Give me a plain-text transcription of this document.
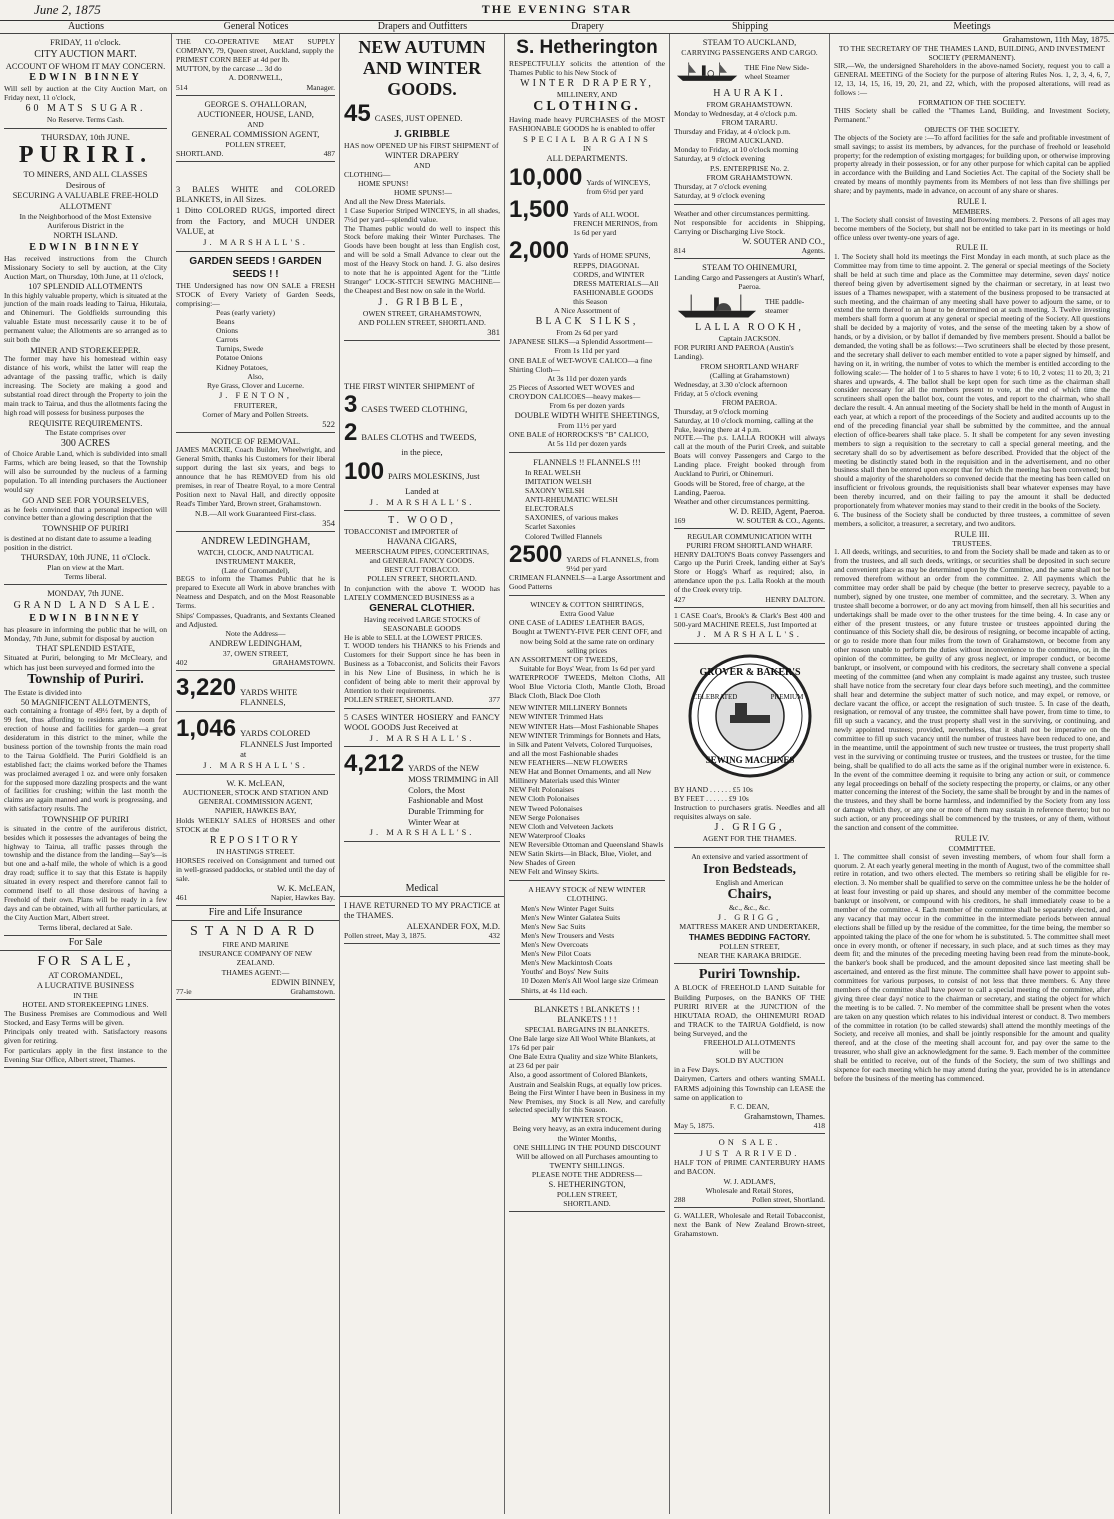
June 2, 1875	THE EVENING STAR
Auctions	General Notices	Drapers and Outfitters	Drapery	Shipping	Meetings

FRIDAY, 11 o'clock.

CITY AUCTION MART.

ACCOUNT OF WHOM IT MAY CONCERN.

EDWIN BINNEY

Will sell by auction at the City Auction Mart, on Friday next, 11 o'clock,

60 MATS SUGAR.

No Reserve. Terms Cash.

THURSDAY, 10th JUNE.

PURIRI.

TO MINERS, AND ALL CLASSES

Desirous of

SECURING A VALUABLE FREE-HOLD ALLOTMENT

In the Neighborhood of the Most Extensive Auriferous District in the

NORTH ISLAND.

EDWIN BINNEY

Has received instructions from the Church Missionary Society to sell by auction, at the City Auction Mart, on Thursday, 10th June, at 11 o'clock,

107 SPLENDID ALLOTMENTS

In this highly valuable property, which is situated at the junction of the main roads leading to Tairua, Hikutaia, and Ohinemuri. The Goldfields surrounding this valuable Estate must necessarily cause it to be of permanent value; the Allotments are so arranged as to suit both the

MINER AND STOREKEEPER.

The former may have his homestead within easy distance of his work, whilst the latter will reap the advantage of the passing traffic, which is daily increasing. The Society are making a good and substantial road direct through the Property to join the main track to Tairua, and thus the allotments facing the high road will possess for business purposes the

REQUISITE REQUIREMENTS.

The Estate comprises over

300 ACRES

of Choice Arable Land, which is subdivided into small Farms, which are being leased, so that the Township will also be surrounded by the nucleus of a farming population. To all intending purchasers the Auctioneer would say

GO AND SEE FOR YOURSELVES,

as he feels convinced that a personal inspection will convince better than a glowing description that the

TOWNSHIP OF PURIRI

is destined at no distant date to assume a leading position in the district.

THURSDAY, 10th JUNE, 11 o'Clock.

Plan on view at the Mart.

Terms liberal.

MONDAY, 7th JUNE.

GRAND LAND SALE.

EDWIN BINNEY

has pleasure in informing the public that he will, on Monday, 7th June, submit for disposal by auction

THAT SPLENDID ESTATE,

Situated at Puriri, belonging to Mr McCleary, and which has just been surveyed and formed into the

Township of Puriri.

The Estate is divided into

50 MAGNIFICENT ALLOTMENTS,

each containing a frontage of 49½ feet, by a depth of 99 feet, thus affording to residents ample room for erection of house and facilities for garden—a great desideratum in this district to the miner, while the business portion of the township fronts the main road to the Tairua Goldfield. The Puriri Goldfield is an established fact; the claims worked before the Thames was proclaimed averaged 1 oz. and were only forsaken for the supposed more dazzling prospects and the want of facilities for crushing; within the last month the claims are again manned and work is progressing, and with satisfactory results. The

TOWNSHIP OF PURIRI

is situated in the centre of the auriferous district, besides which it possesses the advantages of being the highway to Tairua, all traffic passes through the township and the distance from the landing—Say's—is but one and a-half mile, the whole of which is a good dray road; suffice it to say that this Estate is happily situated in every respect and therefore cannot fail to commend itself to all those desirous of having a Freehold of their own. Plans will be ready in a few days and can be obtained, with all further particulars, at the City Auction Mart, Albert street.

Terms liberal, declared at Sale.

For Sale

FOR SALE,

AT COROMANDEL,

A LUCRATIVE BUSINESS

IN THE

HOTEL AND STOREKEEPING LINES.

The Business Premises are Commodious and Well Stocked, and Easy Terms will be given.

Principals only treated with. Satisfactory reasons given for retiring.

For particulars apply in the first instance to the Evening Star Office, Albert street, Thames.

THE CO-OPERATIVE MEAT SUPPLY COMPANY, 79, Queen street, Auckland, supply the

PRIMEST CORN BEEF at 4d per lb.

MUTTON, by the carcase ... 3d do

A. DORNWELL,

514	Manager.

GEORGE S. O'HALLORAN,

AUCTIONEER, HOUSE, LAND,

AND

GENERAL COMMISSION AGENT,

POLLEN STREET,

SHORTLAND.	487

3 BALES WHITE and COLORED BLANKETS, in All Sizes.

1 Ditto COLORED RUGS, imported direct from the Factory, and MUCH UNDER VALUE, at

J. MARSHALL'S.

GARDEN SEEDS ! GARDEN SEEDS ! !

THE Undersigned has now ON SALE a FRESH STOCK of Every Variety of Garden Seeds, comprising:—

Peas (early variety)

Beans

Onions

Carrots

Turnips, Swede

Potatoe Onions

Kidney Potatoes,

Also,

Rye Grass, Clover and Lucerne.

J. FENTON,

FRUITERER,

Corner of Mary and Pollen Streets.

522

NOTICE OF REMOVAL.

JAMES MACKIE, Coach Builder, Wheelwright, and General Smith, thanks his Customers for their liberal support during the last six years, and begs to announce that he has REMOVED from his old premises, in rear of Theatre Royal, to a more Central Position next to Naval Hall, and directly opposite Read's Timber Yard, Brown street, Grahamstown.

N.B.—All work Guaranteed First-class.

354

ANDREW LEDINGHAM,

WATCH, CLOCK, AND NAUTICAL INSTRUMENT MAKER,

(Late of Coromandel),

BEGS to inform the Thames Public that he is prepared to Execute all Work in above branches with Neatness and Despatch, and on the Most Reasonable Terms.

Ships' Compasses, Quadrants, and Sextants Cleaned and Adjusted.

Note the Address—

ANDREW LEDINGHAM,

37, OWEN STREET,

402	GRAHAMSTOWN.

3,220 YARDS WHITE FLANNELS,

1,046 YARDS COLORED FLANNELS Just Imported at

J. MARSHALL'S.

W. K. McLEAN,

AUCTIONEER, STOCK AND STATION AND

GENERAL COMMISSION AGENT,

NAPIER, HAWKES BAY,

Holds WEEKLY SALES of HORSES and other STOCK at the

REPOSITORY

IN HASTINGS STREET.

HORSES received on Consignment and turned out in well-grassed paddocks, or stabled until the day of sale.

W. K. McLEAN,

461	Napier, Hawkes Bay.

Fire and Life Insurance

STANDARD

FIRE AND MARINE

INSURANCE COMPANY OF NEW

ZEALAND.

THAMES AGENT:—

EDWIN BINNEY,

77-ie	Grahamstown.

NEW AUTUMN AND WINTER GOODS.

45 CASES, JUST OPENED.

J. GRIBBLE

HAS now OPENED UP his FIRST SHIPMENT of

WINTER DRAPERY

AND

CLOTHING—

HOME SPUNS!

HOME SPUNS!—

And all the New Dress Materials.

1 Case Superior Striped WINCEYS, in all shades, 7½d per yard—splendid value.

The Thames public would do well to inspect this Stock before making their Winter Purchases. The Goods have been bought at less than English cost, and will be sold a Small Advance to clear out the most of the Heavy Stock on hand. J. G. also desires to note that he is appointed Agent for the "Little Stranger" LOCK-STITCH SEWING MACHINE—the Cheapest and Best now on sale in the World.

J. GRIBBLE,

OWEN STREET, GRAHAMSTOWN,

AND POLLEN STREET, SHORTLAND.

381

THE FIRST WINTER SHIPMENT of

3 CASES TWEED CLOTHING,

2 BALES CLOTHS and TWEEDS,

in the piece,

100 PAIRS MOLESKINS, Just

Landed at

J. MARSHALL'S.

T. WOOD,

TOBACCONIST and IMPORTER of

HAVANA CIGARS,

MEERSCHAUM PIPES, CONCERTINAS,

and GENERAL FANCY GOODS.

BEST CUT TOBACCO.

POLLEN STREET, SHORTLAND.

In conjunction with the above T. WOOD has LATELY COMMENCED BUSINESS as a

GENERAL CLOTHIER.

Having received LARGE STOCKS of

SEASONABLE GOODS

He is able to SELL at the LOWEST PRICES.

T. WOOD tenders his THANKS to his Friends and Customers for their Support since he has been in Business as a Tobacconist, and Solicits their Favors in his New Line of Business, in which he is confident of being able to merit their approval by Attention to their requirements.

POLLEN STREET, SHORTLAND.	377

5 CASES WINTER HOSIERY and FANCY WOOL GOODS Just Received at

J. MARSHALL'S.

4,212 YARDS of the NEW MOSS TRIMMING in All Colors, the Most Fashionable and Most Durable Trimming for Winter Wear at

J. MARSHALL'S.

Medical

I HAVE RETURNED TO MY PRACTICE at the THAMES.

ALEXANDER FOX, M.D.

Pollen street, May 3, 1875.	432

S. Hetherington

RESPECTFULLY solicits the attention of the Thames Public to his New Stock of

WINTER DRAPERY,

MILLINERY, AND

CLOTHING.

Having made heavy PURCHASES of the MOST FASHIONABLE GOODS he is enabled to offer

SPECIAL BARGAINS

IN

ALL DEPARTMENTS.

10,000 Yards of WINCEYS, from 6½d per yard

1,500 Yards of ALL WOOL FRENCH MERINOS, from 1s 6d per yard

2,000 Yards of HOME SPUNS, REPPS, DIAGONAL CORDS, and WINTER DRESS MATERIALS—All FASHIONABLE GOODS this Season

A Nice Assortment of

BLACK SILKS,

From 2s 6d per yard

JAPANESE SILKS—a Splendid Assortment—

From 1s 11d per yard

ONE BALE of WET-WOVE CALICO—a fine Shirting Cloth—

At 3s 11d per dozen yards

25 Pieces of Assorted WET WOVES and CROYDON CALICOES—heavy makes—

From 6s per dozen yards

DOUBLE WIDTH WHITE SHEETINGS,

From 11½ per yard

ONE BALE of HORROCKS'S "B" CALICO,

At 5s 11d per dozen yards

FLANNELS !! FLANNELS !!!

In REAL WELSH

IMITATION WELSH

SAXONY WELSH

ANTI-RHEUMATIC WELSH

ELECTORALS

SAXONIES, of various makes

Scarlet Saxonies

Colored Twilled Flannels

2500 YARDS of FLANNELS, from 9½d per yard

CRIMEAN FLANNELS—a Large Assortment and Good Patterns

WINCEY & COTTON SHIRTINGS,

Extra Good Value

ONE CASE of LADIES' LEATHER BAGS,

Bought at TWENTY-FIVE PER CENT OFF, and now being Sold at the same rate on ordinary selling prices

AN ASSORTMENT OF TWEEDS,

Suitable for Boys' Wear, from 1s 6d per yard

WATERPROOF TWEEDS, Melton Cloths, All Wool Blue Victoria Cloth, Mantle Cloth, Broad Black Cloth, Black Doe Cloth

NEW WINTER MILLINERY Bonnets

NEW WINTER Trimmed Hats

NEW WINTER Hats—Most Fashionable Shapes

NEW WINTER Trimmings for Bonnets and Hats, in Silk and Patent Velvets, Colored Turquoises, and all the most Fashionable shades

NEW FEATHERS—NEW FLOWERS

NEW Hat and Bonnet Ornaments, and all New Millinery Materials used this Winter

NEW Felt Polonaises

NEW Cloth Polonaises

NEW Tweed Polonaises

NEW Serge Polonaises

NEW Cloth and Velveteen Jackets

NEW Waterproof Cloaks

NEW Reversible Ottoman and Queensland Shawls

NEW Satin Skirts—in Black, Blue, Violet, and New Shades of Green

NEW Felt and Winsey Skirts.

A HEAVY STOCK of NEW WINTER CLOTHING.

Men's New Winter Paget Suits

Men's New Winter Galatea Suits

Men's New Sac Suits

Men's New Trousers and Vests

Men's New Overcoats

Men's New Pilot Coats

Men's New Mackintosh Coats

Youths' and Boys' New Suits

10 Dozen Men's All Wool large size Crimean Shirts, at 4s 11d each.

BLANKETS ! BLANKETS ! !

BLANKETS ! ! !

SPECIAL BARGAINS IN BLANKETS.

One Bale large size All Wool White Blankets, at 17s 6d per pair

One Bale Extra Quality and size White Blankets, at 23 6d per pair

Also, a good assortment of Colored Blankets, Austrain and Sealskin Rugs, at equally low prices.

Being the First Winter I have been in Business in my New Premises, my Stock is all New, and carefully selected specially for this Season.

MY WINTER STOCK,

Being very heavy, as an extra inducement during the Winter Months,

ONE SHILLING IN THE POUND DISCOUNT

Will be allowed on all Purchases amounting to

TWENTY SHILLINGS.

PLEASE NOTE THE ADDRESS—

S. HETHERINGTON,

POLLEN STREET,

SHORTLAND.

STEAM TO AUCKLAND,

CARRYING PASSENGERS AND CARGO.

THE Fine New Side-wheel Steamer

HAURAKI.

FROM GRAHAMSTOWN.

Monday to Wednesday, at 4 o'clock p.m.

FROM TARARU.

Thursday and Friday, at 4 o'clock p.m.

FROM AUCKLAND.

Monday to Friday, at 10 o'clock morning

Saturday, at 9 o'clock evening

P.S. ENTERPRISE No. 2.

FROM GRAHAMSTOWN.

Thursday, at 7 o'clock evening

Saturday, at 9 o'clock evening

Weather and other circumstances permitting.

Not responsible for accidents in Shipping, Carrying or Discharging Live Stock.

W. SOUTER AND CO.,

814	Agents.

STEAM TO OHINEMURI,

Landing Cargo and Passengers at Austin's Wharf, Paeroa.

THE paddle-steamer

LALLA ROOKH,

Captain JACKSON.

FOR PURIRI AND PAEROA (Austin's Landing).

FROM SHORTLAND WHARF

(Calling at Grahamstown)

Wednesday, at 3.30 o'clock afternoon

Friday, at 5 o'clock evening

FROM PAEROA.

Thursday, at 9 o'clock morning

Saturday, at 10 o'clock morning, calling at the Puke, leaving there at 4 p.m.

NOTE.—The p.s. LALLA ROOKH will always call at the mouth of the Puriri Creek, and suitable Boats will convey Passengers and Cargo to the Landing place. Freight booked through from Auckland to Puriri, or Ohinemuri.

Goods will be Stored, free of charge, at the Landing, Paeroa.

Weather and other circumstances permitting.

W. D. REID, Agent, Paeroa.

169	W. SOUTER & CO., Agents.

REGULAR COMMUNICATION WITH PURIRI FROM SHORTLAND WHARF.

HENRY DALTON'S Boats convey Passengers and Cargo up the Puriri Creek, landing either at Say's Store or Hogg's Wharf as required; also, in attendance upon the p.s. Lalla Rookh at the mouth of the Creek every trip.

427	HENRY DALTON.

1 CASE Coat's, Brook's & Clark's Best 400 and 500-yard MACHINE REELS, Just Imported at

J. MARSHALL'S.

GROVER & BAKER'S
CELEBRATED	PREMIUM
SEWING MACHINES

BY HAND . . . . . . £5 10s

BY FEET . . . . . . £9 10s

Instruction to purchasers gratis. Needles and all requisites always on sale.

J. GRIGG,

AGENT FOR THE THAMES.

An extensive and varied assortment of

Iron Bedsteads,

English and American

Chairs,

&c., &c., &c.

J. GRIGG,

MATTRESS MAKER AND UNDERTAKER,

THAMES BEDDING FACTORY.

POLLEN STREET,

NEAR THE KARAKA BRIDGE.

Puriri Township.

A BLOCK of FREEHOLD LAND Suitable for Building Purposes, on the BANKS OF THE PURIRI RIVER at the JUNCTION of the HIKUTAIA ROAD, the OHINEMURI ROAD and TRACK to the TAIRUA Goldfield, is now being Surveyed, and the

FREEHOLD ALLOTMENTS

will be

SOLD BY AUCTION

in a Few Days.

Dairymen, Carters and others wanting SMALL FARMS adjoining this Township can LEASE the same on application to

F. C. DEAN,

Grahamstown, Thames.

May 5, 1875.	418

ON SALE.

JUST ARRIVED.

HALF TON of PRIME CANTERBURY HAMS and BACON.

W. J. ADLAM'S,

Wholesale and Retail Stores,

288	Pollen street, Shortland.

G. WALLER, Wholesale and Retail Tobacconist, next the Bank of New Zealand Brown-street, Grahamstown.

Grahamstown, 11th May, 1875.

TO THE SECRETARY OF THE THAMES LAND, BUILDING, AND INVESTMENT SOCIETY (PERMANENT).

SIR,—We, the undersigned Shareholders in the above-named Society, request you to call a GENERAL MEETING of the Society for the purpose of altering Rules Nos. 1, 2, 3, 4, 6, 7, 12, 13, 14, 15, 16, 19, 20, 21, and 22, which, with the proposed alterations, will read as follows :—

FORMATION OF THE SOCIETY.

THIS Society shall be called the "Thames Land, Building, and Investment Society, Permanent."

OBJECTS OF THE SOCIETY.

The objects of the Society are :—To afford facilities for the safe and profitable investment of small savings; to assist its members, by advances, for the purchase of freehold or leasehold property; for the redemption of existing mortgages; for building upon, or otherwise improving property already in their possession, or for any other purpose for which capital can be applied in accordance with the Building and Land Societies Act. The capital of the Society shall be created by means of monthly payments from its Members of not less than five shillings per share; and by payments, made in advance, on account of any share or shares.

RULE I.

MEMBERS.

1. The Society shall consist of Investing and Borrowing members. 2. Persons of all ages may become members of the Society, but shall not be entitled to take part in its meetings or hold office unless over twenty-one years of age.

RULE II.

1. The Society shall hold its meetings the First Monday in each month, at such place as the Committee may from time to time appoint. 2. The general or special meetings of the Society shall be held at such time and place as the Committee may determine, seven days' notice thereof being given by advertisement signed by the chairman or secretary, in at least two issues of a Thames newspaper, with a statement of the business proposed to be transacted at such meeting, and the chairman of any meeting shall have power to adjourn the same, or to extend the term thereof to an hour to be determined on at such meeting. 3. Twelve investing members shall form a quorum at any general or special meeting of the Society. All questions shall be decided by a majority of votes, and the sense of the meeting taken by a show of hands, or by a division, or by ballot if demanded by five members present. Should a ballot be demanded, the voting shall be as follows:—Two scrutineers shall be elected by those present, and the secretary shall deliver to each member entitled to vote a paper signed by himself, and having on it, in writing, the number of votes to which the member is entitled according to the following scale:— The holder of 1 to 5 shares to have 1 vote; 6 to 10, 2 votes; 11 to 20, 3; 21 shares and upwards, 4. The ballot shall be kept open for such time as the chairman shall consider necessary for all the members present to vote, at the end of which time the scrutineers shall open the ballot box, count the votes, and report to the chairman, who shall declare the result. 4. An annual meeting of the Society shall be held in the month of August in each year, at which a report of the proceedings of the Society and audited accounts up to the end of the preceding financial year shall be submitted by the committee, and the annual election of office-bearers shall take place. 5. It shall be competent for any seven investing members to sign a requisition to the secretary to call a special general meeting, and the secretary shall do so by advertisement as before described. Provided that the object of the meeting be distinctly stated both in the requisition and in the advertisement, and no other business shall then be entered upon except that for which the meeting has been convened; but should a majority of the shareholders so convened decide that the meeting has been called on insufficient or frivolous grounds, the requisitionists shall bear whatever expenses may have been thereby incurred, and on their failing to pay the amount it shall be deducted proportionately from whatever monies may stand to their credit in the books of the Society.

6. The business of the Society shall be conducted by three trustees, a committee of seven members, a solicitor, a treasurer, a secretary, and two auditors.

RULE III.

TRUSTEES.

1. All deeds, writings, and securities, to and from the Society shall be made and taken as to or from the trustees, and all such deeds, writings, or securities shall be deposited in such secure and convenient place as may be determined upon by the Committee, and the same shall not be removed therefrom without an order from the committee. 2. All payments which the committee may order shall be paid by cheque (the better to preserve secrecy, payable to a number), signed by one trustee, one member of committee, and the secretary. 3. When any trustee shall become a borrower, or do any act moving from himself, then all his securities and undertakings shall be made over to the other trustees for the time being. 4. In case any or either of the present trustees, or any future trustee or trustees appointed during the continuance of this Society shall die, be desirous of resigning, or become incapable of acting, or go to reside more than four miles from the town of Grahamstown, or become from any other reason unable to perform the duties without inconvenience to the committee, or, in the opinion of the committee, be guilty of any gross neglect, or improper conduct, or become bankrupt, or insolvent, or compound with his creditors, the secretary shall convene a special meeting of the committee (and when any complaint is made against any trustee, such trustee shall have notice from the secretary four clear days before such meeting), and the committee shall hear and determine the subject matter of such notice, and may expel, or remove, or declare vacant the office, or accept the resignation of such trustee. 5. In case of the death, resignation, or removal of any trustee, the committee shall have power, from time to time, to fill up such a vacancy, and the trust property shall vest in the surviving, or continuing, and newly appointed trustees; provided, nevertheless, that it shall not be imperative on the committee to fill up such vacancy until the number of trustees have been reduced to one, and in the meantime, until the appointment of such new trustee or trustees, the trust property shall vest in the surviving or continuing trustee or trustees, and the trustees or trustee, for the time being, shall be qualified to do all acts the same as if the original number were in existence. 6. In the event of the committee deeming it requisite to bring any action or suit, or commence any legal proceedings on behalf of the society respecting the property, or claims, or any other matter concerning the interest of the Society, the same shall be brought by and in the names of the trustees, and they shall be borne harmless, and indemnified by the Society from any loss or damage which they, or any one or more of them may sustain in reference thereto; but no such action, or any proceedings shall be commenced by the trustees, or any of them, without the sanction and consent of the committee.

RULE IV.

COMMITTEE.

1. The committee shall consist of seven investing members, of whom four shall form a quorum. 2. At each yearly general meeting in the month of August, two of the committee shall retire in rotation, and two others elected. The members so retiring shall be eligible for re-election. 3. No member shall be qualified to serve on the committee unless he be the holder of at least four investing or paid up shares, and should any member of the committee become bankrupt or insolvent, or compound with his creditors, he shall immediately cease to be a member of the committee. 4. Each member of the committee shall be separately elected, and any vacancy that may occur in the committee in the intermediate periods between annual elections shall be filled up by the residue of the committee, for the time being, the member so appointed taking the place of the one for whom he is substituted. 5. The committee shall meet once in every month, or oftener if necessary, in such place, and at such times as they may deem fit; and the minutes of the preceding meeting having been read from the minute-book, the banker's book shall be produced, and the amount deposited since last meeting shall be ascertained, and entered as the first minute. The committee shall have power to appoint sub-committees for various purposes, to consist of not less that three members. 6. Any three members of the committee shall have power to call a special meeting of the committee, after giving three clear days' notice to the chairman or secretary, and stating the object for which the meeting is to be called. 7. No member of the committee shall be present when the votes are taken on any question which relates to his individual interest or conduct. 8. Two members of the committee in rotation (to be called stewards) shall attend the monthly meetings of the Society, and receive all monies, and shall be jointly responsible for the amount and quality thereof, and at the close of the meeting shall account for, and pay over the same to the treasurer, who shall give an acknowledgment for the same. 9. Each member of the committee shall be entitled to receive, out of the funds of the Society, the sum of two shillings and sixpence for each meeting which he may attend during the year, provided he is in attendance before the business of the meeting has commenced.
